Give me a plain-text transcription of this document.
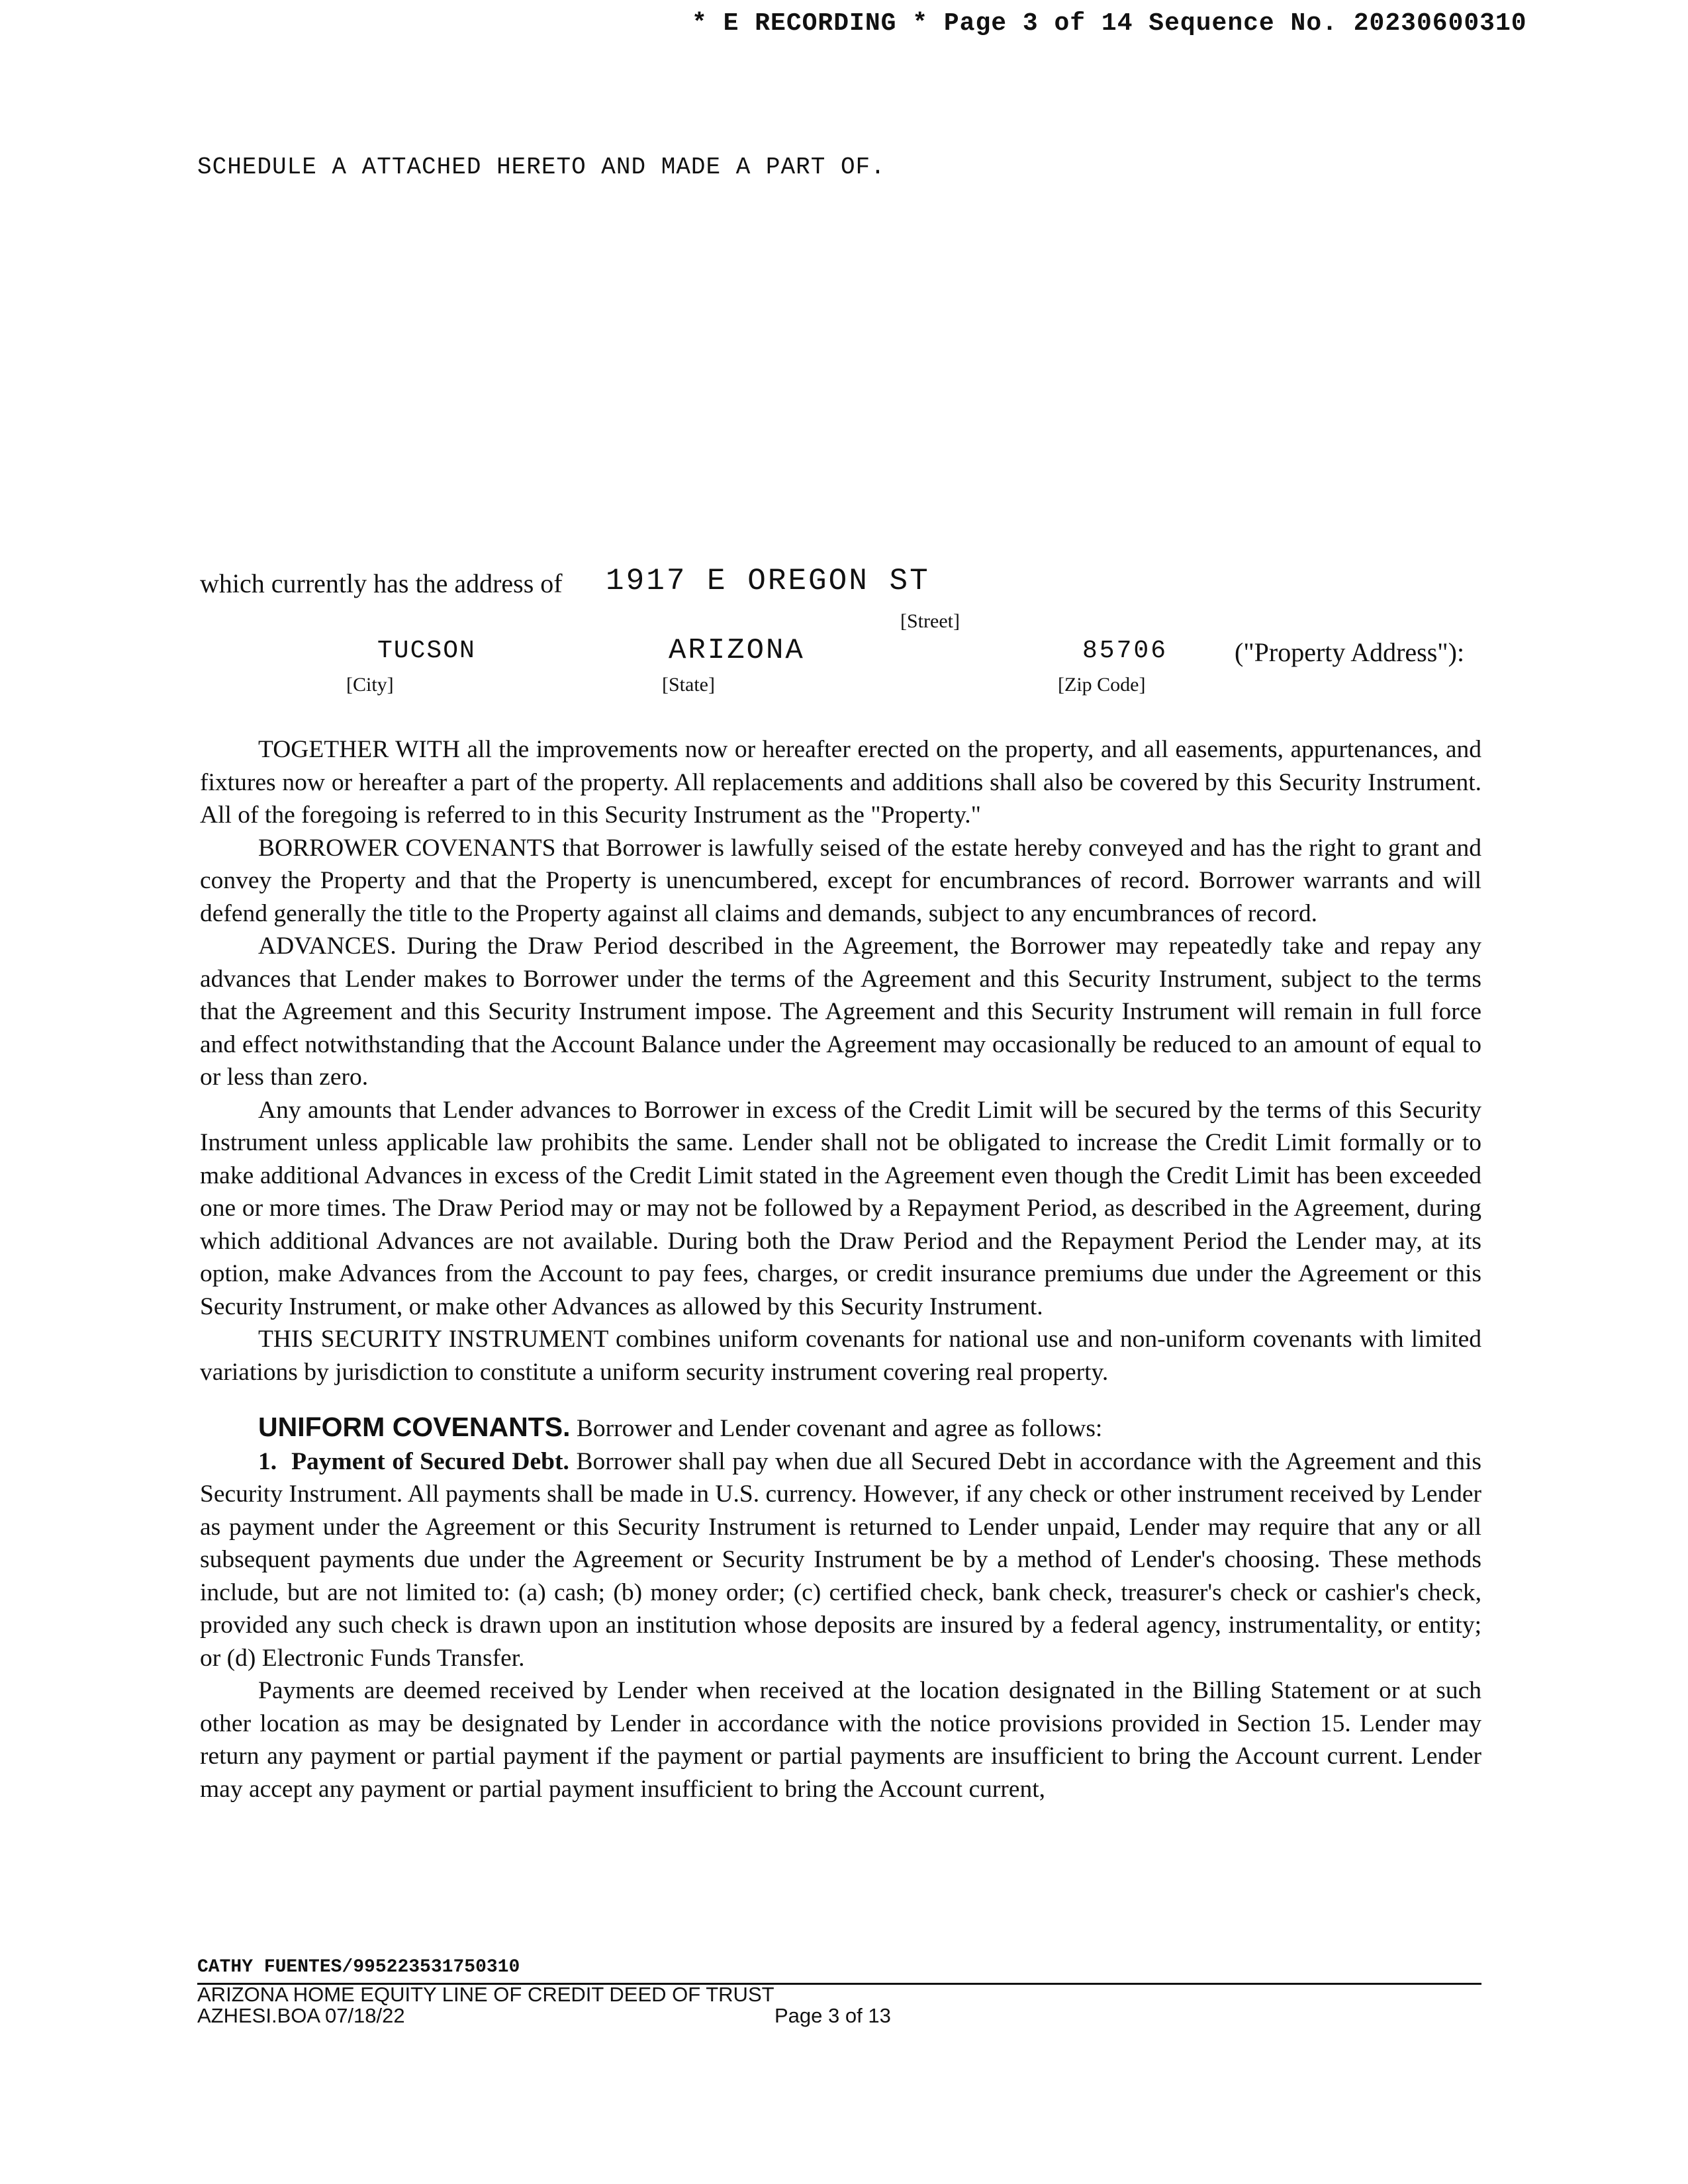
* E RECORDING * Page 3 of 14 Sequence No. 20230600310
SCHEDULE A ATTACHED HERETO AND MADE A PART OF.
which currently has the address of 1917 E OREGON ST
[Street]
TUCSON	ARIZONA	85706	("Property Address"):
[City]	[State]	[Zip Code]

TOGETHER WITH all the improvements now or hereafter erected on the property, and all easements, appurtenances, and fixtures now or hereafter a part of the property. All replacements and additions shall also be covered by this Security Instrument. All of the foregoing is referred to in this Security Instrument as the "Property."

BORROWER COVENANTS that Borrower is lawfully seised of the estate hereby conveyed and has the right to grant and convey the Property and that the Property is unencumbered, except for encumbrances of record. Borrower warrants and will defend generally the title to the Property against all claims and demands, subject to any encumbrances of record.

ADVANCES. During the Draw Period described in the Agreement, the Borrower may repeatedly take and repay any advances that Lender makes to Borrower under the terms of the Agreement and this Security Instrument, subject to the terms that the Agreement and this Security Instrument impose. The Agreement and this Security Instrument will remain in full force and effect notwithstanding that the Account Balance under the Agreement may occasionally be reduced to an amount of equal to or less than zero.

Any amounts that Lender advances to Borrower in excess of the Credit Limit will be secured by the terms of this Security Instrument unless applicable law prohibits the same. Lender shall not be obligated to increase the Credit Limit formally or to make additional Advances in excess of the Credit Limit stated in the Agreement even though the Credit Limit has been exceeded one or more times. The Draw Period may or may not be followed by a Repayment Period, as described in the Agreement, during which additional Advances are not available. During both the Draw Period and the Repayment Period the Lender may, at its option, make Advances from the Account to pay fees, charges, or credit insurance premiums due under the Agreement or this Security Instrument, or make other Advances as allowed by this Security Instrument.

THIS SECURITY INSTRUMENT combines uniform covenants for national use and non-uniform covenants with limited variations by jurisdiction to constitute a uniform security instrument covering real property.

UNIFORM COVENANTS. Borrower and Lender covenant and agree as follows:

1. Payment of Secured Debt. Borrower shall pay when due all Secured Debt in accordance with the Agreement and this Security Instrument. All payments shall be made in U.S. currency. However, if any check or other instrument received by Lender as payment under the Agreement or this Security Instrument is returned to Lender unpaid, Lender may require that any or all subsequent payments due under the Agreement or Security Instrument be by a method of Lender's choosing. These methods include, but are not limited to: (a) cash; (b) money order; (c) certified check, bank check, treasurer's check or cashier's check, provided any such check is drawn upon an institution whose deposits are insured by a federal agency, instrumentality, or entity; or (d) Electronic Funds Transfer.

Payments are deemed received by Lender when received at the location designated in the Billing Statement or at such other location as may be designated by Lender in accordance with the notice provisions provided in Section 15. Lender may return any payment or partial payment if the payment or partial payments are insufficient to bring the Account current. Lender may accept any payment or partial payment insufficient to bring the Account current,

CATHY FUENTES/995223531750310
ARIZONA HOME EQUITY LINE OF CREDIT DEED OF TRUST
AZHESI.BOA 07/18/22	Page 3 of 13
